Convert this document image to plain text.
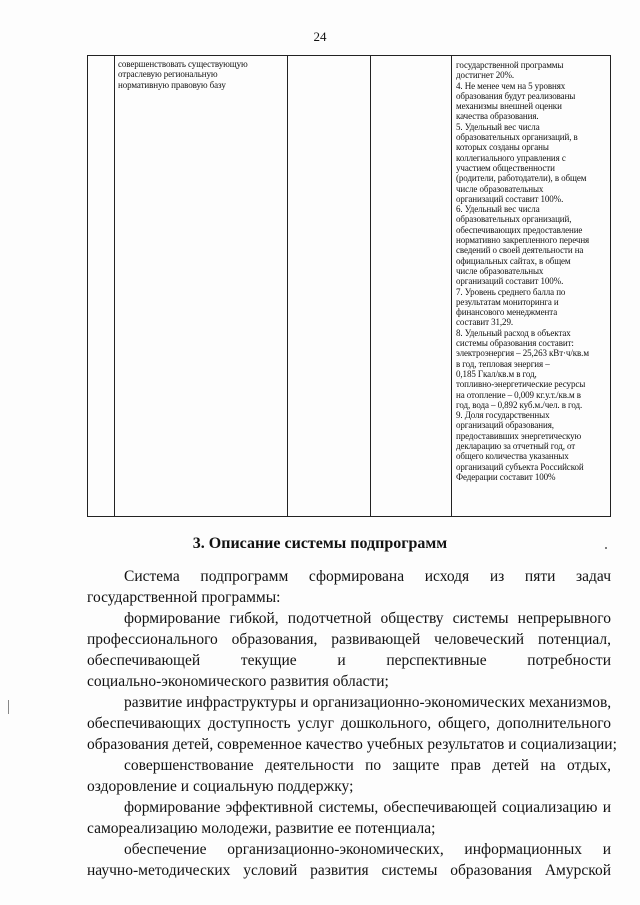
24
совершенствовать существующую
отраслевую региональную
нормативную правовую базу
государственной программы
достигнет 20%.
4. Не менее чем на 5 уровнях
образования будут реализованы
механизмы внешней оценки
качества образования.
5. Удельный вес числа
образовательных организаций, в
которых созданы органы
коллегиального управления с
участием общественности
(родители, работодатели), в общем
числе образовательных
организаций составит 100%.
6. Удельный вес числа
образовательных организаций,
обеспечивающих предоставление
нормативно закрепленного перечня
сведений о своей деятельности на
официальных сайтах, в общем
числе образовательных
организаций составит 100%.
7. Уровень среднего балла по
результатам мониторинга и
финансового менеджмента
составит 31,29.
8. Удельный расход в объектах
системы образования составит:
электроэнергия – 25,263 кВт·ч/кв.м
в год, тепловая энергия –
0,185 Гкал/кв.м в год,
топливно-энергетические ресурсы
на отопление – 0,009 кг.у.т./кв.м в
год, вода – 0,892 куб.м./чел. в год.
9. Доля государственных
организаций образования,
предоставивших энергетическую
декларацию за отчетный год, от
общего количества указанных
организаций субъекта Российской
Федерации составит 100%
3. Описание системы подпрограмм
Система подпрограмм сформирована исходя из пяти задач
государственной программы:
формирование гибкой, подотчетной обществу системы непрерывного
профессионального образования, развивающей человеческий потенциал,
обеспечивающей текущие и перспективные потребности
социально-экономического развития области;
развитие инфраструктуры и организационно-экономических механизмов,
обеспечивающих доступность услуг дошкольного, общего, дополнительного
образования детей, современное качество учебных результатов и социализации;
совершенствование деятельности по защите прав детей на отдых,
оздоровление и социальную поддержку;
формирование эффективной системы, обеспечивающей социализацию и
самореализацию молодежи, развитие ее потенциала;
обеспечение организационно-экономических, информационных и
научно-методических условий развития системы образования Амурской
